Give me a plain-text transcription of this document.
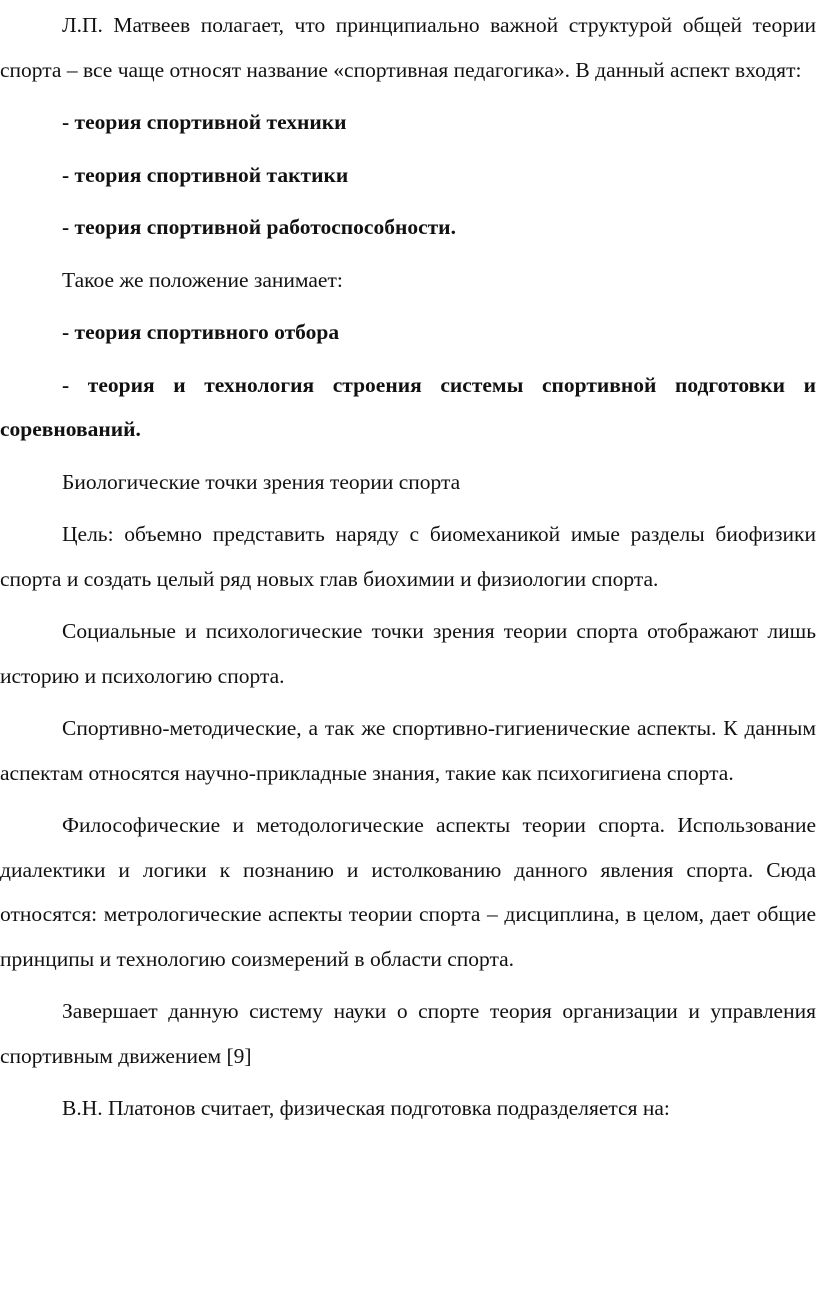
Л.П. Матвеев полагает, что принципиально важной структурой общей теории спорта – все чаще относят название «спортивная педагогика». В данный аспект входят:

- теория спортивной техники

- теория спортивной тактики

- теория спортивной работоспособности.

Такое же положение занимает:

- теория спортивного отбора

- теория и технология строения системы спортивной подготовки и соревнований.

Биологические точки зрения теории спорта

Цель: объемно представить наряду с биомеханикой имые разделы биофизики спорта и создать целый ряд новых глав биохимии и физиологии спорта.

Социальные и психологические точки зрения теории спорта отображают лишь историю и психологию спорта.

Спортивно-методические, а так же спортивно-гигиенические аспекты. К данным аспектам относятся научно-прикладные знания, такие как психогигиена спорта.

Философические и методологические аспекты теории спорта. Использование диалектики и логики к познанию и истолкованию данного явления спорта. Сюда относятся: метрологические аспекты теории спорта – дисциплина, в целом, дает общие принципы и технологию соизмерений в области спорта.

Завершает данную систему науки о спорте теория организации и управления спортивным движением [9]

В.Н. Платонов считает, физическая подготовка подразделяется на:
